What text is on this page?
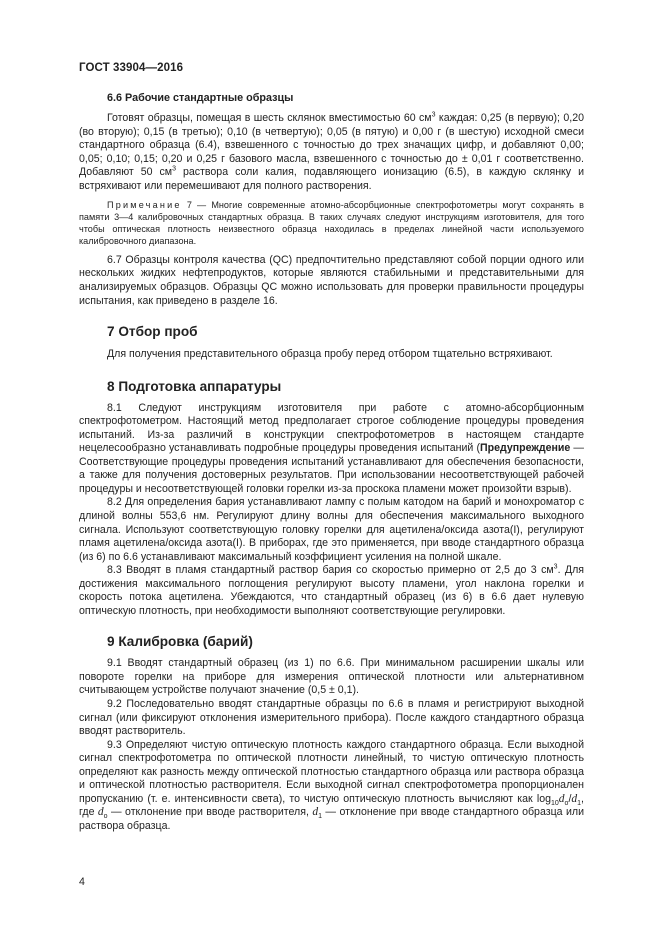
ГОСТ 33904—2016
6.6 Рабочие стандартные образцы

Готовят образцы, помещая в шесть склянок вместимостью 60 $см^3$ каждая: 0,25 (в первую); 0,20 (во вторую); 0,15 (в третью); 0,10 (в четвертую); 0,05 (в пятую) и 0,00 г (в шестую) исходной смеси стандартного образца (6.4), взвешенного с точностью до трех значащих цифр, и добавляют 0,00; 0,05; 0,10; 0,15; 0,20 и 0,25 г базового масла, взвешенного с точностью до ± 0,01 г соответственно. Добавляют 50 $см^3$ раствора соли калия, подавляющего ионизацию (6.5), в каждую склянку и встряхивают или перемешивают для полного растворения.

Примечание 7 — Многие современные атомно-абсорбционные спектрофотометры могут сохранять в памяти 3—4 калибровочных стандартных образца. В таких случаях следуют инструкциям изготовителя, для того чтобы оптическая плотность неизвестного образца находилась в пределах линейной части используемого калибровочного диапазона.

6.7 Образцы контроля качества (QC) предпочтительно представляют собой порции одного или нескольких жидких нефтепродуктов, которые являются стабильными и представительными для анализируемых образцов. Образцы QC можно использовать для проверки правильности процедуры испытания, как приведено в разделе 16.

7 Отбор проб

Для получения представительного образца пробу перед отбором тщательно встряхивают.

8 Подготовка аппаратуры

8.1 Следуют инструкциям изготовителя при работе с атомно-абсорбционным спектрофотометром. Настоящий метод предполагает строгое соблюдение процедуры проведения испытаний. Из-за различий в конструкции спектрофотометров в настоящем стандарте нецелесообразно устанавливать подробные процедуры проведения испытаний (Предупреждение — Соответствующие процедуры проведения испытаний устанавливают для обеспечения безопасности, а также для получения достоверных результатов. При использовании несоответствующей рабочей процедуры и несоответствующей головки горелки из-за проскока пламени может произойти взрыв).

8.2 Для определения бария устанавливают лампу с полым катодом на барий и монохроматор с длиной волны 553,6 нм. Регулируют длину волны для обеспечения максимального выходного сигнала. Используют соответствующую головку горелки для ацетилена/оксида азота(I), регулируют пламя ацетилена/оксида азота(I). В приборах, где это применяется, при вводе стандартного образца (из 6) по 6.6 устанавливают максимальный коэффициент усиления на полной шкале.

8.3 Вводят в пламя стандартный раствор бария со скоростью примерно от 2,5 до 3 $см^3$. Для достижения максимального поглощения регулируют высоту пламени, угол наклона горелки и скорость потока ацетилена. Убеждаются, что стандартный образец (из 6) в 6.6 дает нулевую оптическую плотность, при необходимости выполняют соответствующие регулировки.

9 Калибровка (барий)

9.1 Вводят стандартный образец (из 1) по 6.6. При минимальном расширении шкалы или повороте горелки на приборе для измерения оптической плотности или альтернативном считывающем устройстве получают значение (0,5 ± 0,1).

9.2 Последовательно вводят стандартные образцы по 6.6 в пламя и регистрируют выходной сигнал (или фиксируют отклонения измерительного прибора). После каждого стандартного образца вводят растворитель.

9.3 Определяют чистую оптическую плотность каждого стандартного образца. Если выходной сигнал спектрофотометра по оптической плотности линейный, то чистую оптическую плотность определяют как разность между оптической плотностью стандартного образца или раствора образца и оптической плотностью растворителя. Если выходной сигнал спектрофотометра пропорционален пропусканию (т. е. интенсивности света), то чистую оптическую плотность вычисляют как $\log_{10}d_o/d_1$, где $d_o$ — отклонение при вводе растворителя, $d_1$ — отклонение при вводе стандартного образца или раствора образца.

4
